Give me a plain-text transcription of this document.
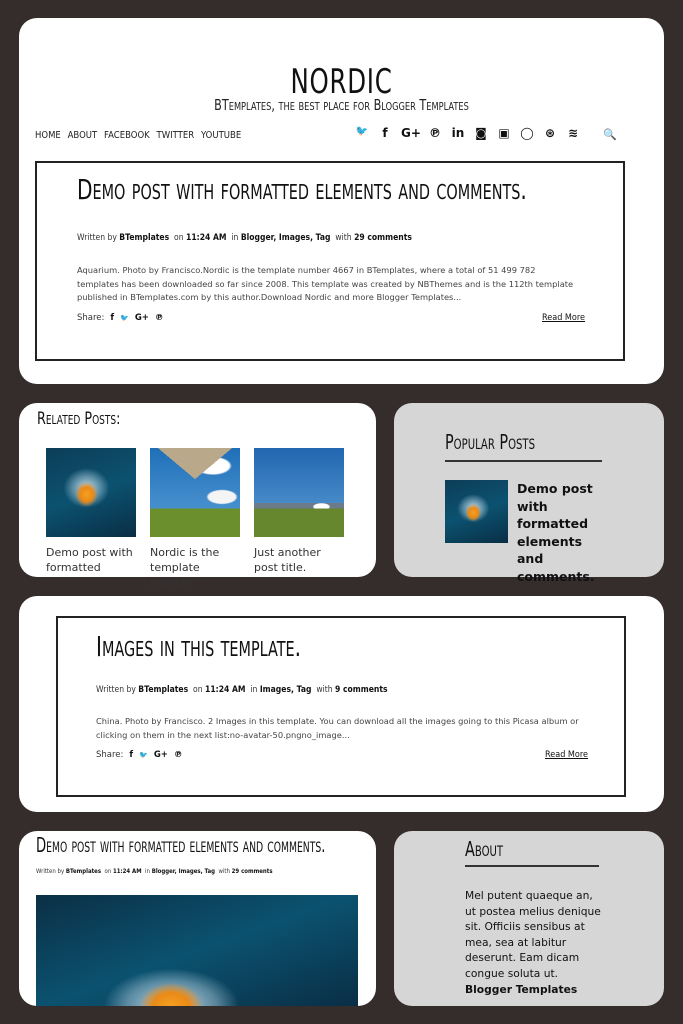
NORDIC
BTemplates, the best place for Blogger Templates
HOME ABOUT FACEBOOK TWITTER YOUTUBE	🐦	f	G+ ℗ in ◙ ▣ ◯ ⊛ ≋ 🔍
Demo post with formatted elements and comments.
Written by BTemplates on 11:24 AM in Blogger, Images, Tag with 29 comments
Aquarium. Photo by Francisco.Nordic is the template number 4667 in BTemplates, where a total of 51 499 782 templates has been downloaded so far since 2008. This template was created by NBThemes and is the 112th template published in BTemplates.com by this author.Download Nordic and more Blogger Templates...
Share: f 🐦 G+ ℗	Read More
Related Posts:
Demo post with formatted
Nordic is the template number
Just another post title.
Popular Posts
Demo post with formatted elements and comments.
Images in this template.
Written by BTemplates on 11:24 AM in Images, Tag with 9 comments
China. Photo by Francisco. 2 Images in this template. You can download all the images going to this Picasa album or clicking on them in the next list:no-avatar-50.pngno_image...
Share: f 🐦 G+ ℗	Read More
Demo post with formatted elements and comments.
Written by BTemplates on 11:24 AM in Blogger, Images, Tag with 29 comments
About
Mel putent quaeque an, ut postea melius denique sit. Officiis sensibus at mea, sea at labitur deserunt. Eam dicam congue soluta ut.
Blogger Templates
